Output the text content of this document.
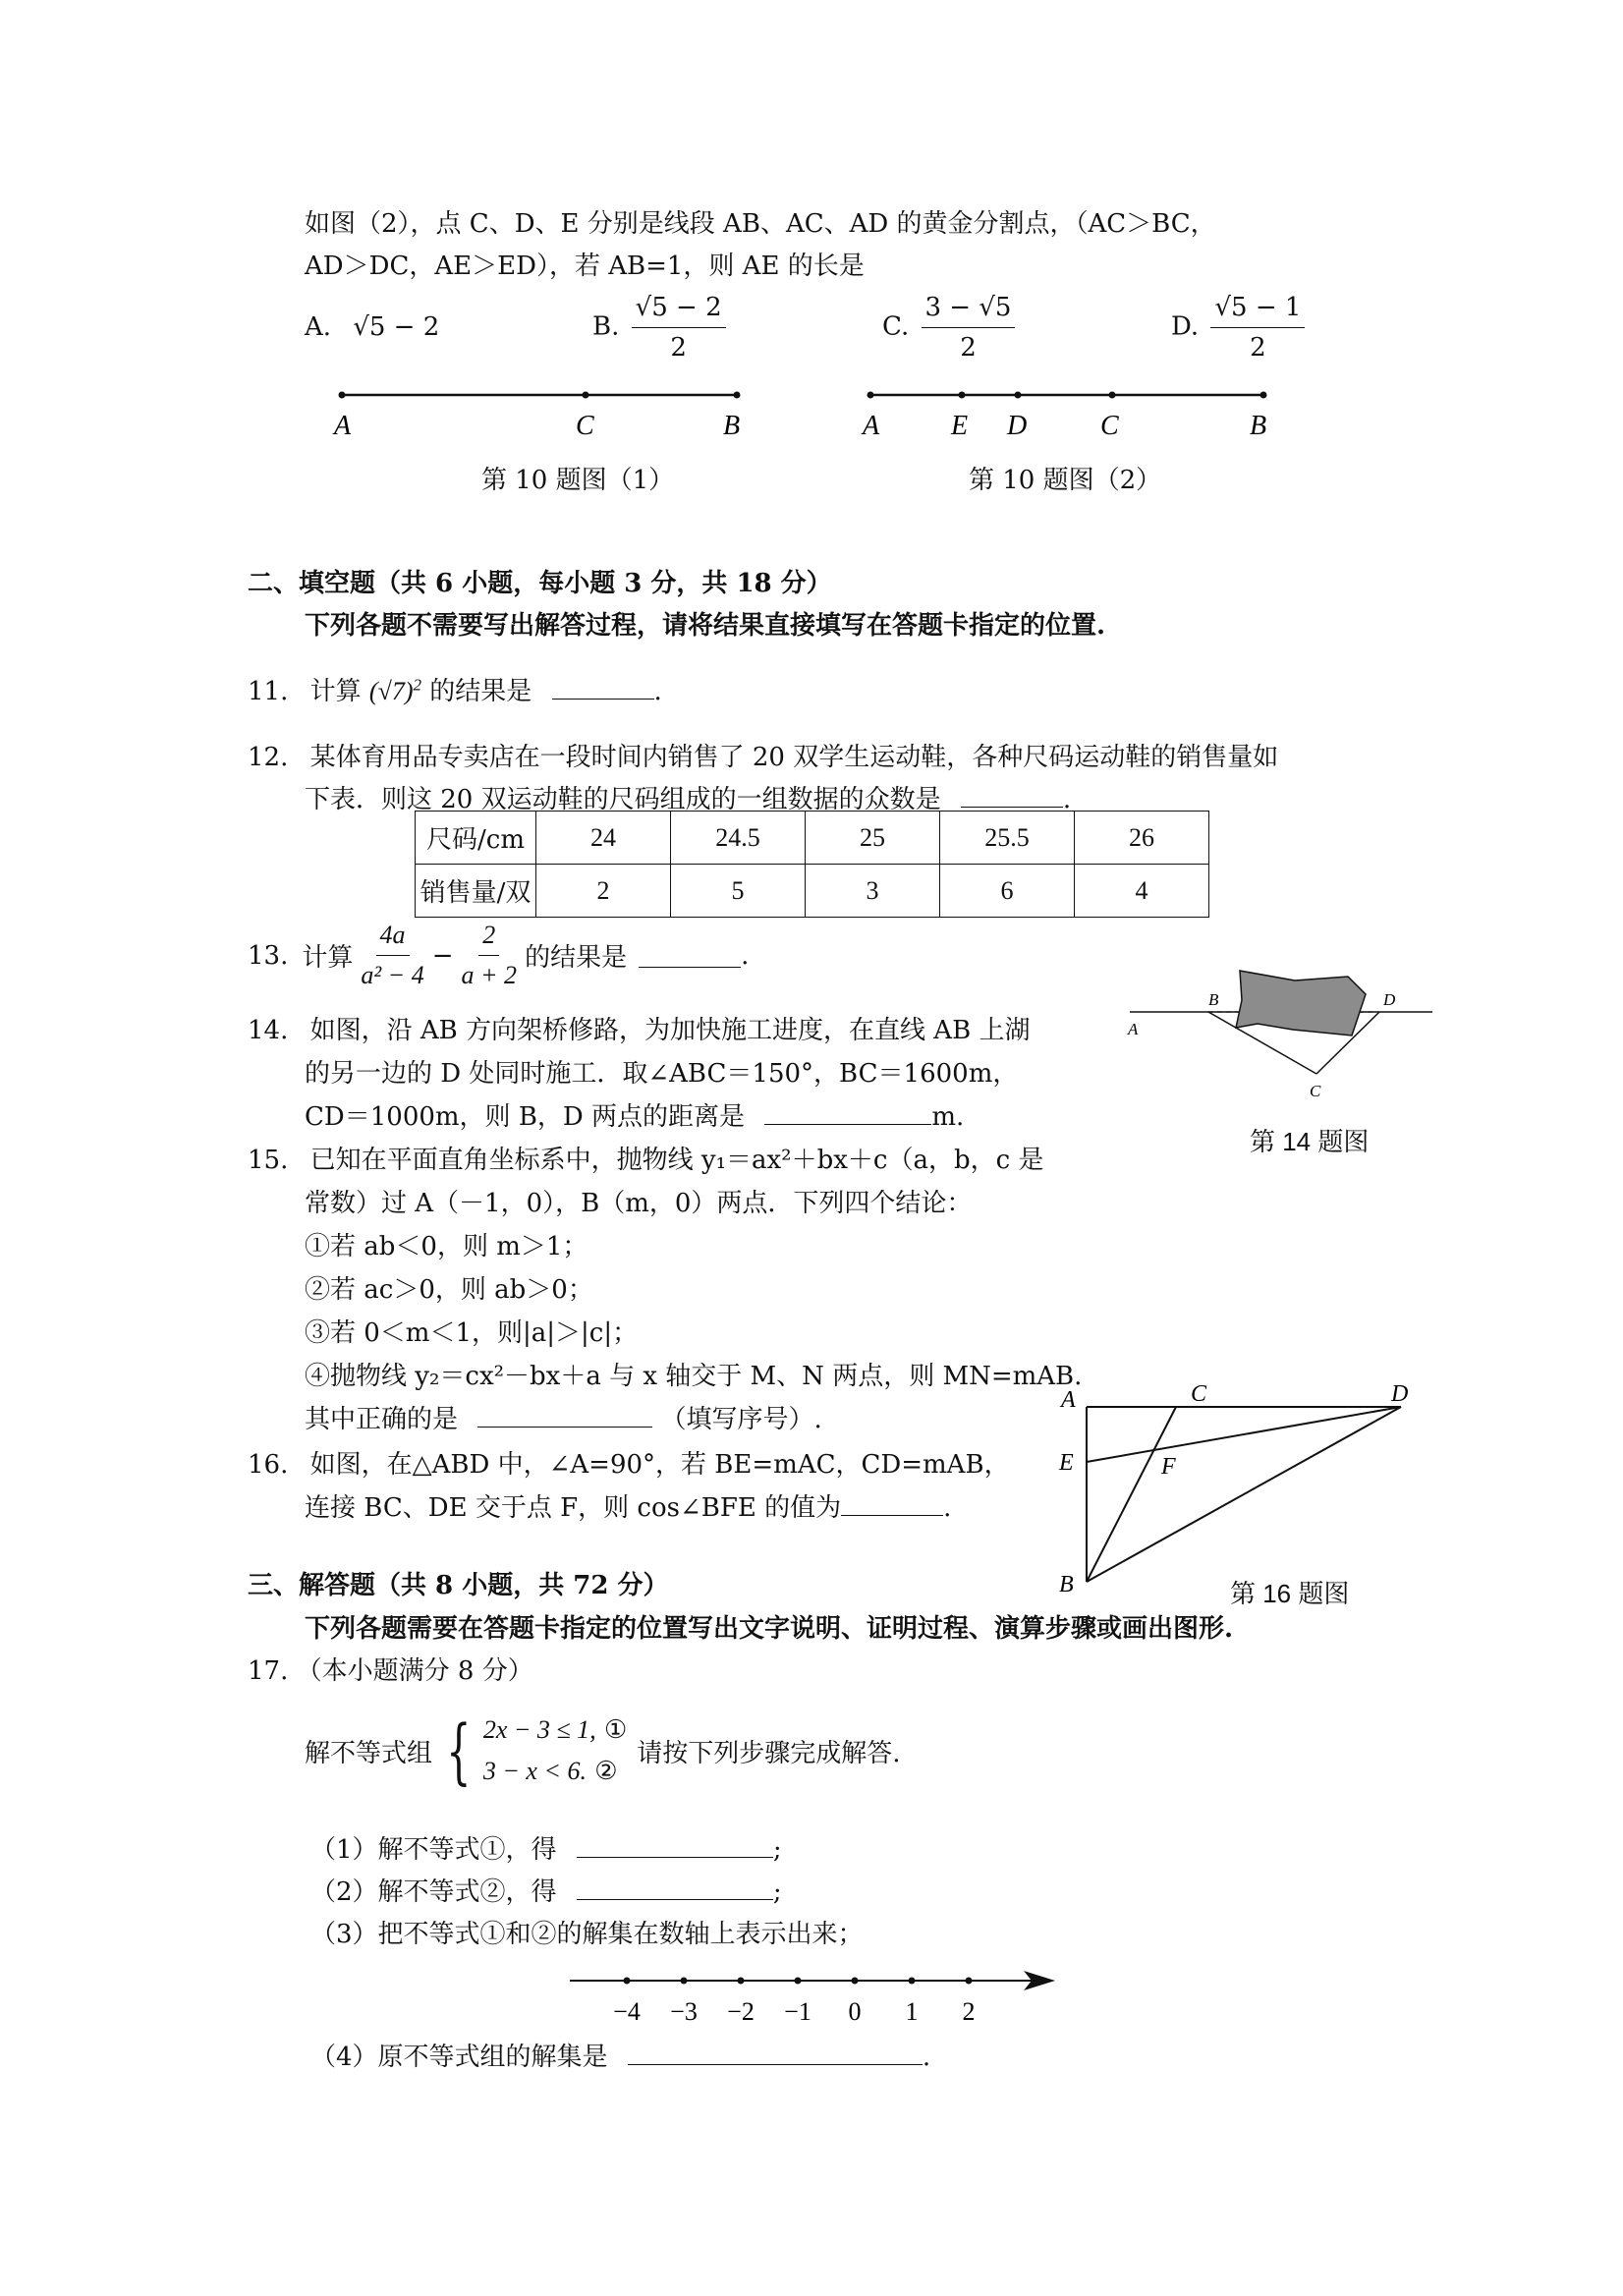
如图（2），点 C、D、E 分别是线段 AB、AC、AD 的黄金分割点，（AC＞BC，
AD＞DC，AE＞ED），若 AB=1，则 AE 的长是
A. √5 − 2	B. $\frac{√5 - 2}{2}$	C. $\frac{3 - √5}{2}$	D. $\frac{√5 - 1}{2}$
A	C	B
第 10 题图（1）
A	E D	C	B
第 10 题图（2）
二、填空题（共 6 小题，每小题 3 分，共 18 分）
下列各题不需要写出解答过程，请将结果直接填写在答题卡指定的位置.
11. 计算 $(√7)^2$ 的结果是	.
12. 某体育用品专卖店在一段时间内销售了 20 双学生运动鞋，各种尺码运动鞋的销售量如
下表．则这 20 双运动鞋的尺码组成的一组数据的众数是	.
尺码/cm	24	24.5	25	25.5	26
销售量/双	2	5	3	6	4
13. 计算 $\frac{4a}{\text{a² − 4}} - \frac{2}{a + 2}$ 的结果是	.
14. 如图，沿 AB 方向架桥修路，为加快施工进度，在直线 AB 上湖
的另一边的 D 处同时施工．取∠ABC＝150°，BC＝1600m，
CD＝1000m，则 B，D 两点的距离是	m.
A
B
C
D
第 14 题图
15. 已知在平面直角坐标系中，抛物线 y₁＝ax²＋bx＋c（a，b，c 是
常数）过 A（－1，0），B（m，0）两点．下列四个结论：
①若 ab＜0，则 m＞1；
②若 ac＞0，则 ab＞0；
③若 0＜m＜1，则|a|＞|c|；
④抛物线 y₂＝cx²－bx＋a 与 x 轴交于 M、N 两点，则 MN=mAB.
其中正确的是	（填写序号）.
16. 如图，在△ABD 中，∠A=90°，若 BE=mAC，CD=mAB，
连接 BC、DE 交于点 F，则 cos∠BFE 的值为	.
A	C	D
E	F
B	第 16 题图
三、解答题（共 8 小题，共 72 分）
下列各题需要在答题卡指定的位置写出文字说明、证明过程、演算步骤或画出图形.
17. （本小题满分 8 分）
解不等式组 { 2x − 3 ≤ 1, ①
3 − x < 6. ②
请按下列步骤完成解答.
（1）解不等式①，得	;
（2）解不等式②，得	;
（3）把不等式①和②的解集在数轴上表示出来；
−4 −3 −2 −1 0 1 2
（4）原不等式组的解集是	.
